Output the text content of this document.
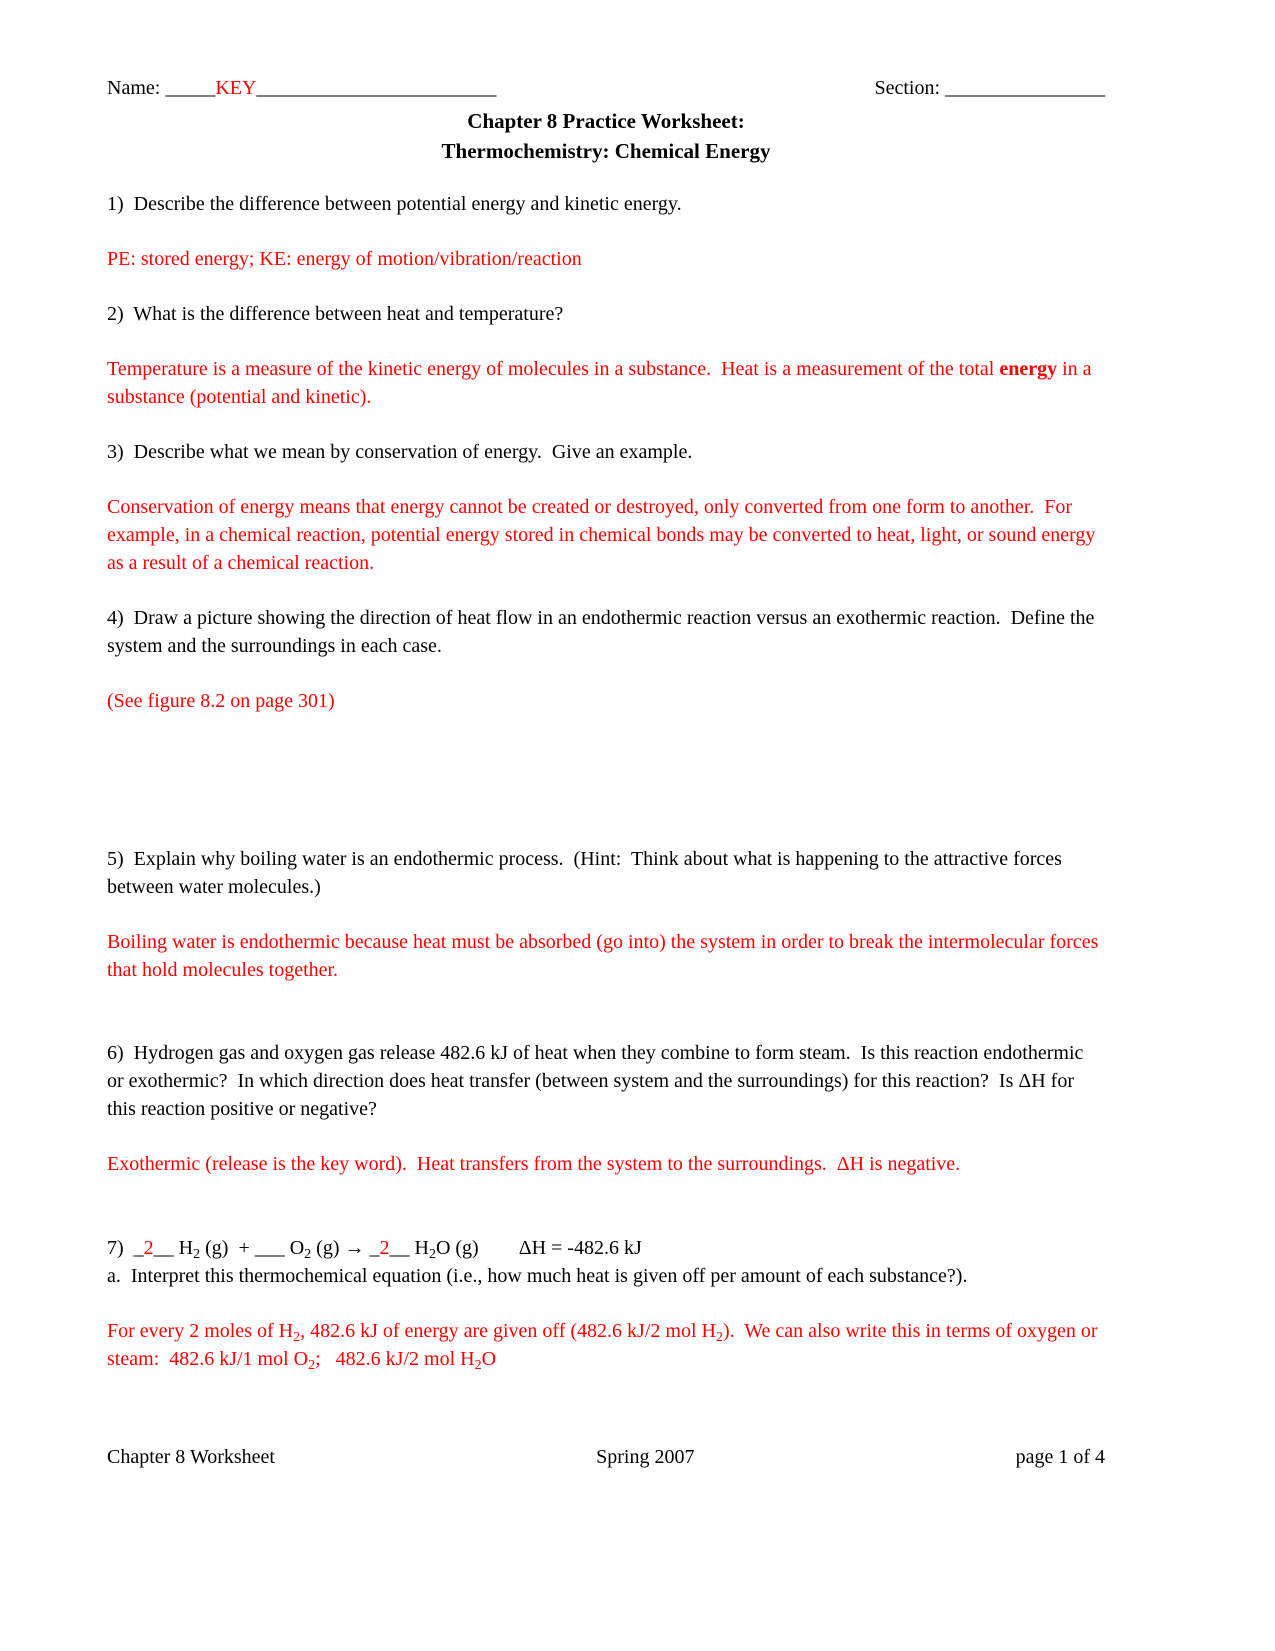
Name: _____KEY________________________	Section: ________________
Chapter 8 Practice Worksheet:
Thermochemistry: Chemical Energy

1)  Describe the difference between potential energy and kinetic energy.

PE: stored energy; KE: energy of motion/vibration/reaction

2)  What is the difference between heat and temperature?

Temperature is a measure of the kinetic energy of molecules in a substance.  Heat is a measurement of the total energy in a substance (potential and kinetic).

3)  Describe what we mean by conservation of energy.  Give an example.

Conservation of energy means that energy cannot be created or destroyed, only converted from one form to another.  For example, in a chemical reaction, potential energy stored in chemical bonds may be converted to heat, light, or sound energy as a result of a chemical reaction.

4)  Draw a picture showing the direction of heat flow in an endothermic reaction versus an exothermic reaction.  Define the system and the surroundings in each case.

(See figure 8.2 on page 301)

5)  Explain why boiling water is an endothermic process.  (Hint:  Think about what is happening to the attractive forces between water molecules.)

Boiling water is endothermic because heat must be absorbed (go into) the system in order to break the intermolecular forces that hold molecules together.

6)  Hydrogen gas and oxygen gas release 482.6 kJ of heat when they combine to form steam.  Is this reaction endothermic or exothermic?  In which direction does heat transfer (between system and the surroundings) for this reaction?  Is ΔH for this reaction positive or negative?

Exothermic (release is the key word).  Heat transfers from the system to the surroundings.  ΔH is negative.

7)  _2__ H2 (g)  + ___ O2 (g) → _2__ H2O (g)        ΔH = -482.6 kJ

a.  Interpret this thermochemical equation (i.e., how much heat is given off per amount of each substance?).

For every 2 moles of H2, 482.6 kJ of energy are given off (482.6 kJ/2 mol H2).  We can also write this in terms of oxygen or steam:  482.6 kJ/1 mol O2;   482.6 kJ/2 mol H2O

Chapter 8 Worksheet	Spring 2007	page 1 of 4
